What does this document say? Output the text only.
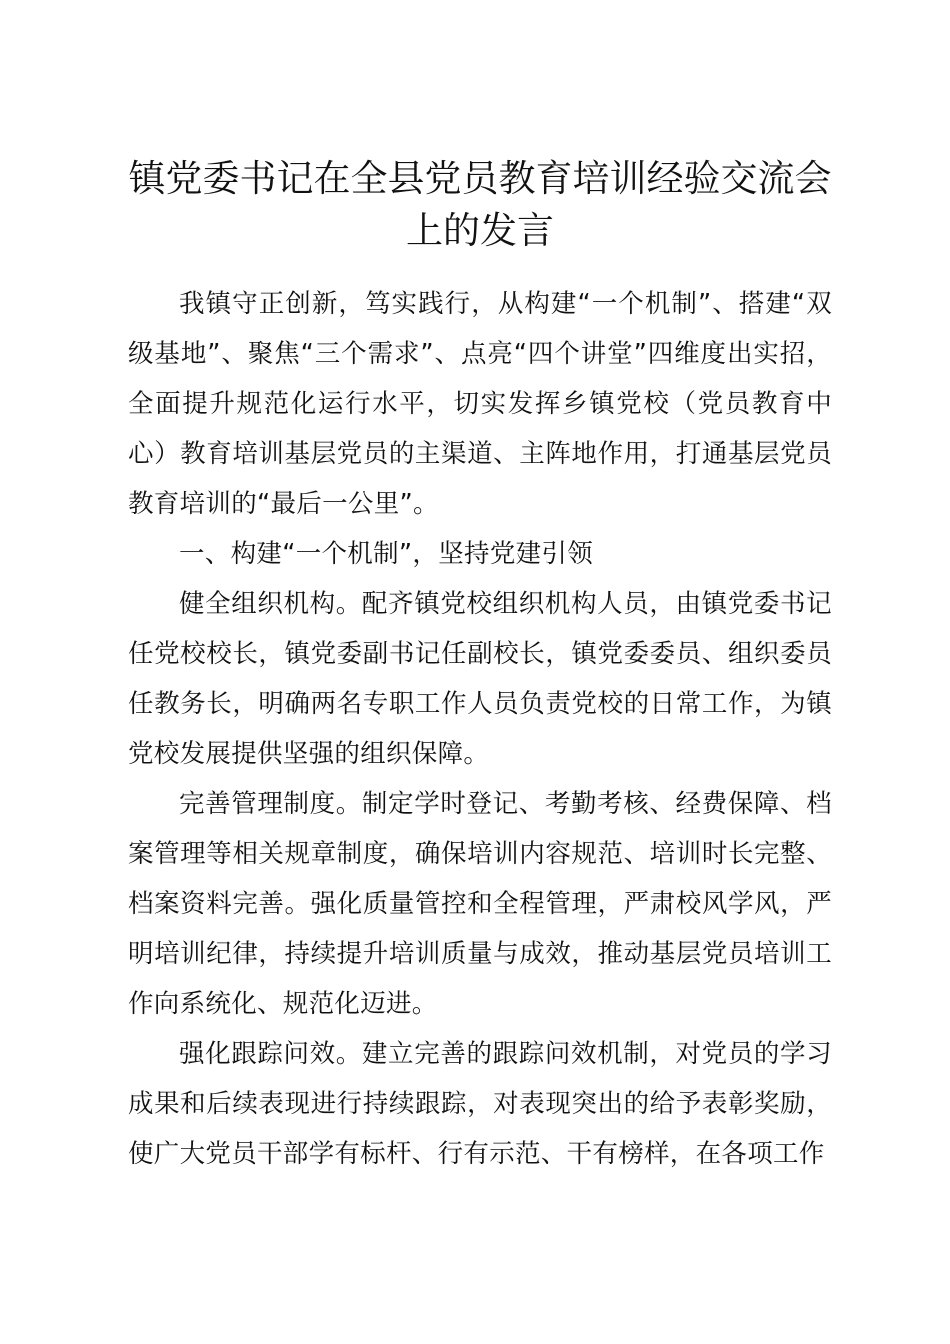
镇党委书记在全县党员教育培训经验交流会上的发言

我镇守正创新，笃实践行，从构建“一个机制”、搭建“双级基地”、聚焦“三个需求”、点亮“四个讲堂”四维度出实招，全面提升规范化运行水平，切实发挥乡镇党校（党员教育中心）教育培训基层党员的主渠道、主阵地作用，打通基层党员教育培训的“最后一公里”。

一、构建“一个机制”，坚持党建引领

健全组织机构。配齐镇党校组织机构人员，由镇党委书记任党校校长，镇党委副书记任副校长，镇党委委员、组织委员任教务长，明确两名专职工作人员负责党校的日常工作，为镇党校发展提供坚强的组织保障。

完善管理制度。制定学时登记、考勤考核、经费保障、档案管理等相关规章制度，确保培训内容规范、培训时长完整、档案资料完善。强化质量管控和全程管理，严肃校风学风，严明培训纪律，持续提升培训质量与成效，推动基层党员培训工作向系统化、规范化迈进。

强化跟踪问效。建立完善的跟踪问效机制，对党员的学习成果和后续表现进行持续跟踪，对表现突出的给予表彰奖励，使广大党员干部学有标杆、行有示范、干有榜样，在各项工作
